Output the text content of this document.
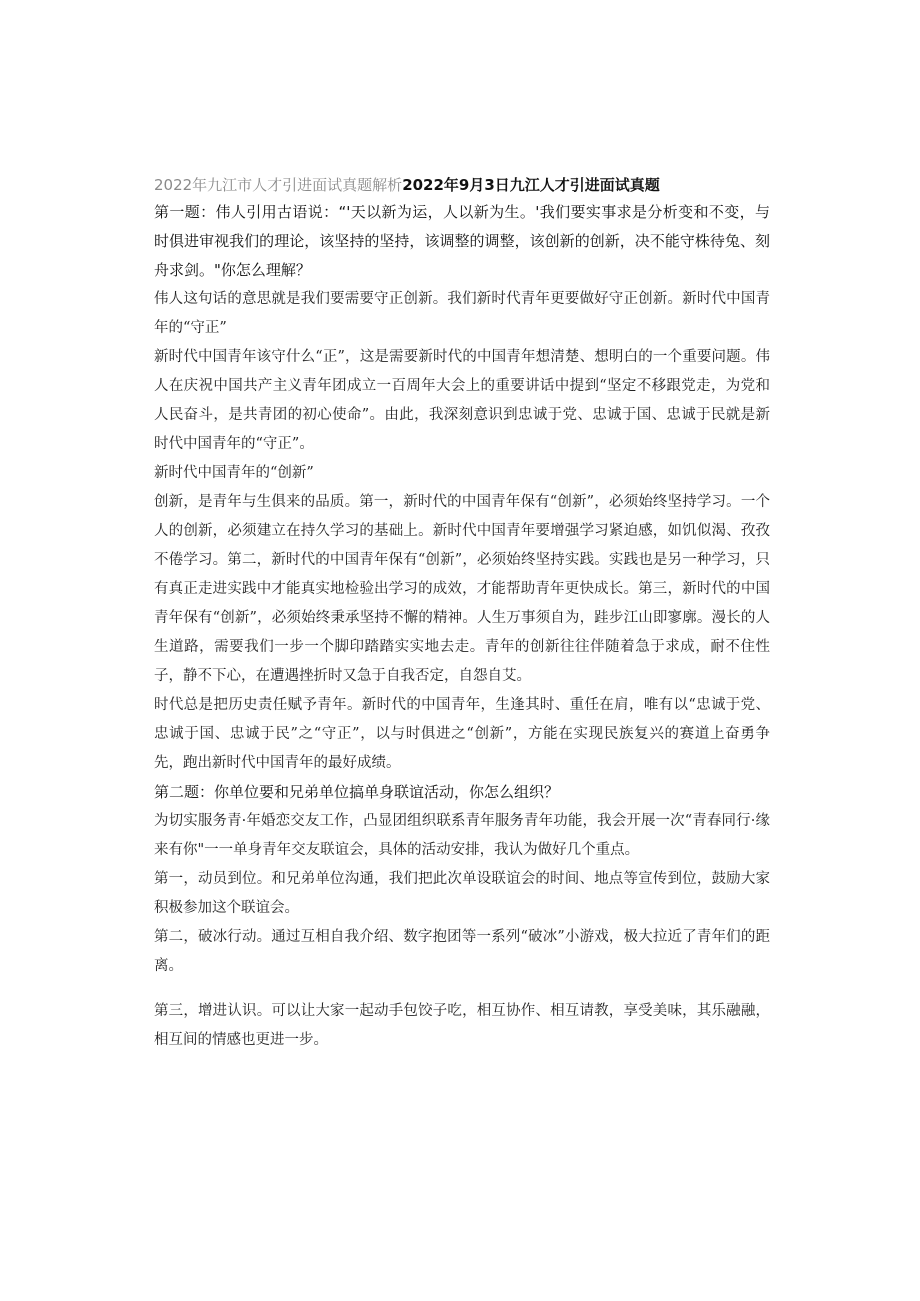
2022年九江市人才引进面试真题解析2022年9月3日九江人才引进面试真题

第一题：伟人引用古语说：“'天以新为运，人以新为生。'我们要实事求是分析变和不变，与时俱进审视我们的理论，该坚持的坚持，该调整的调整，该创新的创新，决不能守株待兔、刻舟求剑。"你怎么理解？

伟人这句话的意思就是我们要需要守正创新。我们新时代青年更要做好守正创新。新时代中国青年的“守正”

新时代中国青年该守什么“正”，这是需要新时代的中国青年想清楚、想明白的一个重要问题。伟人在庆祝中国共产主义青年团成立一百周年大会上的重要讲话中提到“坚定不移跟党走，为党和人民奋斗，是共青团的初心使命”。由此，我深刻意识到忠诚于党、忠诚于国、忠诚于民就是新时代中国青年的“守正”。

新时代中国青年的“创新”

创新，是青年与生俱来的品质。第一，新时代的中国青年保有“创新”，必须始终坚持学习。一个人的创新，必须建立在持久学习的基础上。新时代中国青年要增强学习紧迫感，如饥似渴、孜孜不倦学习。第二，新时代的中国青年保有“创新”，必须始终坚持实践。实践也是另一种学习，只有真正走进实践中才能真实地检验出学习的成效，才能帮助青年更快成长。第三，新时代的中国青年保有“创新”，必须始终秉承坚持不懈的精神。人生万事须自为，跬步江山即寥廓。漫长的人生道路，需要我们一步一个脚印踏踏实实地去走。青年的创新往往伴随着急于求成，耐不住性子，静不下心，在遭遇挫折时又急于自我否定，自怨自艾。

时代总是把历史责任赋予青年。新时代的中国青年，生逢其时、重任在肩，唯有以“忠诚于党、忠诚于国、忠诚于民”之“守正”，以与时俱进之“创新”，方能在实现民族复兴的赛道上奋勇争先，跑出新时代中国青年的最好成绩。

第二题：你单位要和兄弟单位搞单身联谊活动，你怎么组织？

为切实服务青·年婚恋交友工作，凸显团组织联系青年服务青年功能，我会开展一次“青春同行·缘来有你"一一单身青年交友联谊会，具体的活动安排，我认为做好几个重点。

第一，动员到位。和兄弟单位沟通，我们把此次单设联谊会的时间、地点等宣传到位，鼓励大家积极参加这个联谊会。

第二，破冰行动。通过互相自我介绍、数字抱团等一系列“破冰”小游戏，极大拉近了青年们的距离。

第三，增进认识。可以让大家一起动手包饺子吃，相互协作、相互请教，享受美味，其乐融融，相互间的情感也更进一步。
